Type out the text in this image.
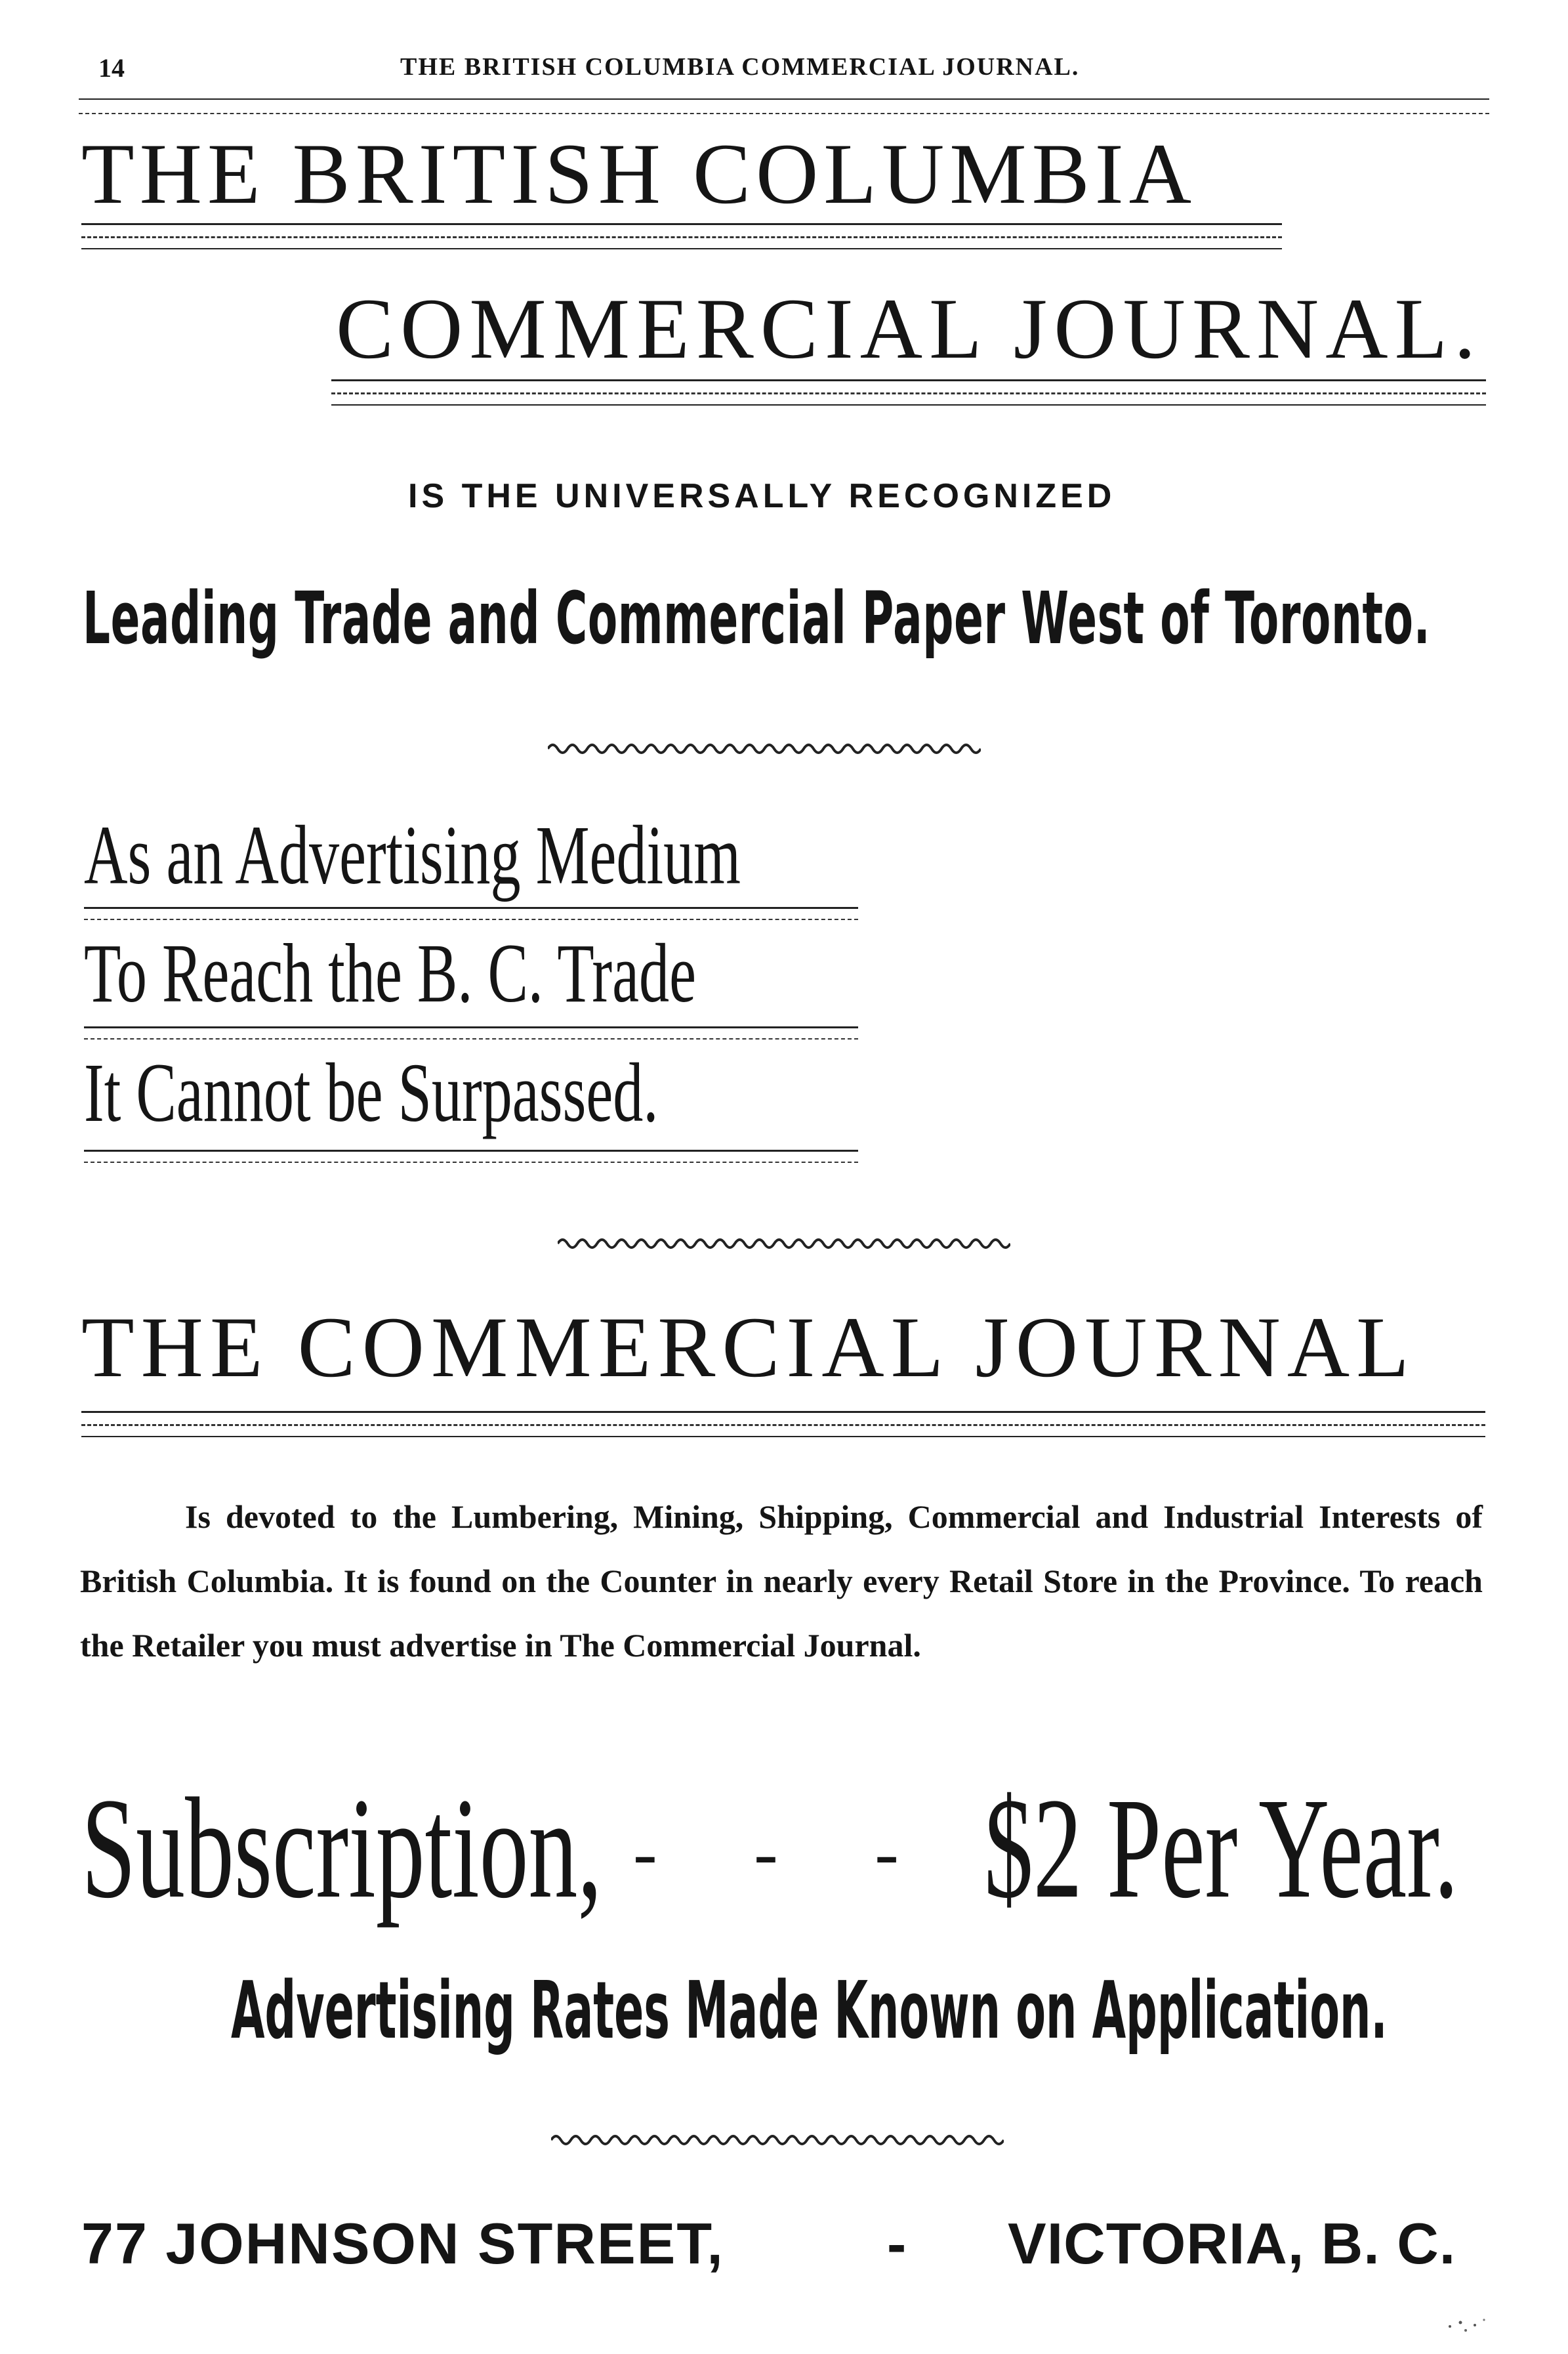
14	THE BRITISH COLUMBIA COMMERCIAL JOURNAL.
THE BRITISH COLUMBIA
COMMERCIAL JOURNAL.
IS THE UNIVERSALLY RECOGNIZED
Leading Trade and Commercial Paper West of Toronto.
As an Advertising Medium
To Reach the B. C. Trade
It Cannot be Surpassed.
THE COMMERCIAL JOURNAL
Is devoted to the Lumbering, Mining, Shipping, Commercial and Industrial Interests of British Columbia. It is found on the Counter in nearly every Retail Store in the Province. To reach the Retailer you must advertise in The Commercial Journal.
Subscription, - - - $2 Per Year.
Advertising Rates Made Known on Application.
77 JOHNSON STREET,	- VICTORIA, B. C.
